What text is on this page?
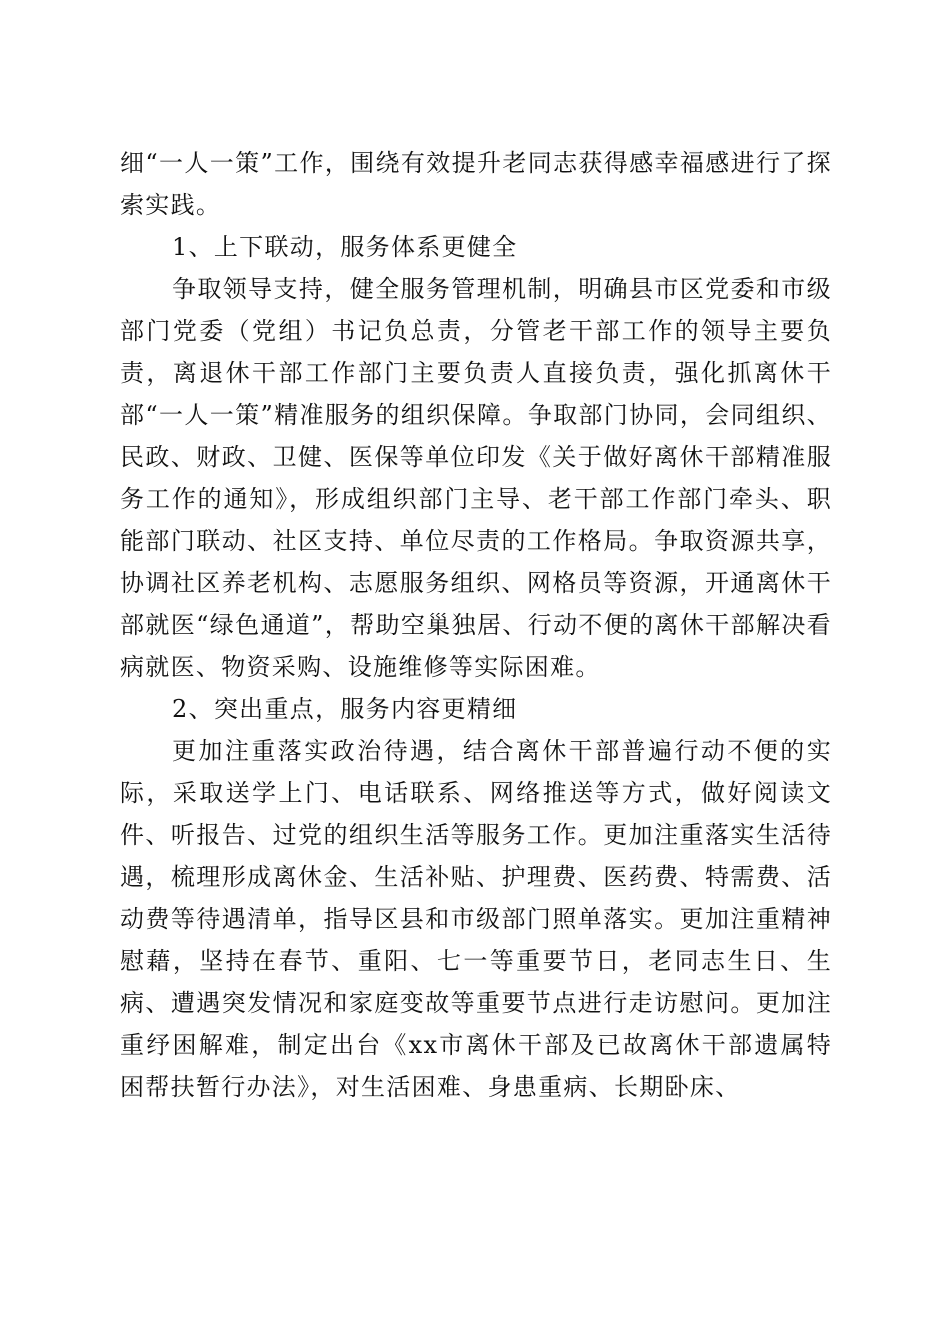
细“一人一策”工作，围绕有效提升老同志获得感幸福感进行了探索实践。

1、上下联动，服务体系更健全

争取领导支持，健全服务管理机制，明确县市区党委和市级部门党委（党组）书记负总责，分管老干部工作的领导主要负责，离退休干部工作部门主要负责人直接负责，强化抓离休干部“一人一策”精准服务的组织保障。争取部门协同，会同组织、民政、财政、卫健、医保等单位印发《关于做好离休干部精准服务工作的通知》，形成组织部门主导、老干部工作部门牵头、职能部门联动、社区支持、单位尽责的工作格局。争取资源共享，协调社区养老机构、志愿服务组织、网格员等资源，开通离休干部就医“绿色通道”，帮助空巢独居、行动不便的离休干部解决看病就医、物资采购、设施维修等实际困难。

2、突出重点，服务内容更精细

更加注重落实政治待遇，结合离休干部普遍行动不便的实际，采取送学上门、电话联系、网络推送等方式，做好阅读文件、听报告、过党的组织生活等服务工作。更加注重落实生活待遇，梳理形成离休金、生活补贴、护理费、医药费、特需费、活动费等待遇清单，指导区县和市级部门照单落实。更加注重精神慰藉，坚持在春节、重阳、七一等重要节日，老同志生日、生病、遭遇突发情况和家庭变故等重要节点进行走访慰问。更加注重纾困解难，制定出台《xx市离休干部及已故离休干部遗属特困帮扶暂行办法》，对生活困难、身患重病、长期卧床、
